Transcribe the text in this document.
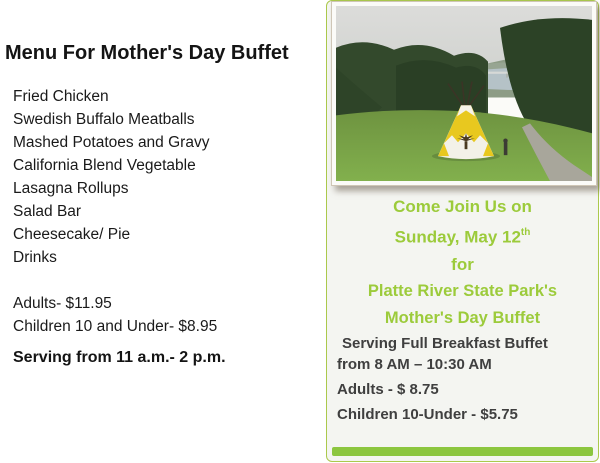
Menu For Mother's Day Buffet
Fried Chicken
Swedish Buffalo Meatballs
Mashed Potatoes and Gravy
California Blend Vegetable
Lasagna Rollups
Salad Bar
Cheesecake/ Pie
Drinks
Adults- $11.95
Children 10 and Under- $8.95
Serving from 11 a.m.- 2 p.m.
Come Join Us on
Sunday, May 12th
for
Platte River State Park's
Mother's Day Buffet

Serving Full Breakfast Buffet

from 8 AM – 10:30 AM

Adults - $ 8.75

Children 10-Under - $5.75
